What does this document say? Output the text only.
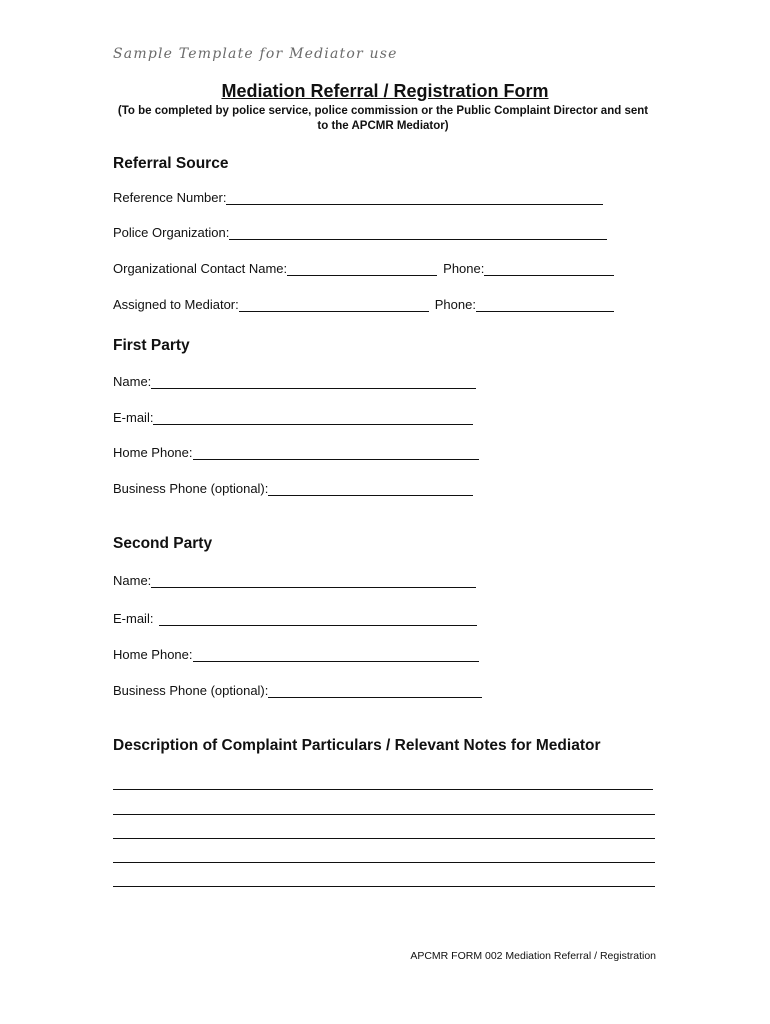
Sample Template for Mediator use
Mediation Referral / Registration Form
(To be completed by police service, police commission or the Public Complaint Director and sent to the APCMR Mediator)
Referral Source
Reference Number:
Police Organization:
Organizational Contact Name:	Phone:
Assigned to Mediator:	Phone:
First Party
Name:
E-mail:
Home Phone:
Business Phone (optional):
Second Party
Name:
E-mail:
Home Phone:
Business Phone (optional):
Description of Complaint Particulars / Relevant Notes for Mediator
APCMR FORM 002 Mediation Referral / Registration
